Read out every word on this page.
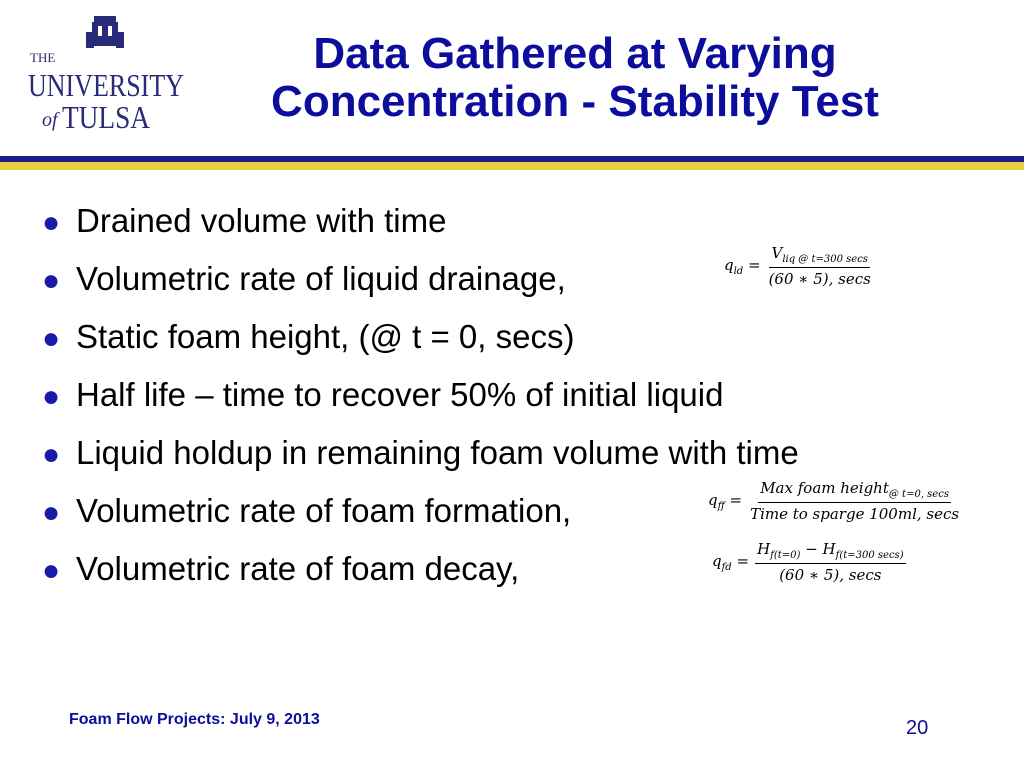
THE
UNIVERSITY
of TULSA
Data Gathered at Varying
Concentration - Stability Test
● Drained volume with time
● Volumetric rate of liquid drainage,
● Static foam height, (@ t = 0, secs)
● Half life – time to recover 50% of initial liquid
● Liquid holdup in remaining foam volume with time
● Volumetric rate of foam formation,
● Volumetric rate of foam decay,
$q_{ld} = \frac{V_{liq @ t=300 secs}}{(60 ∗ 5), \sec s}$
$q_{ff} = \frac{Max foam height_{@ t=0, secs}}{\text{Time to sparge 100ml, secs}}$
$q_{fd} = \frac{H_{f(t=0)} - H_{f(t=300 secs)}}{(60 ∗ 5), \sec s}$
Foam Flow Projects: July 9, 2013	20
